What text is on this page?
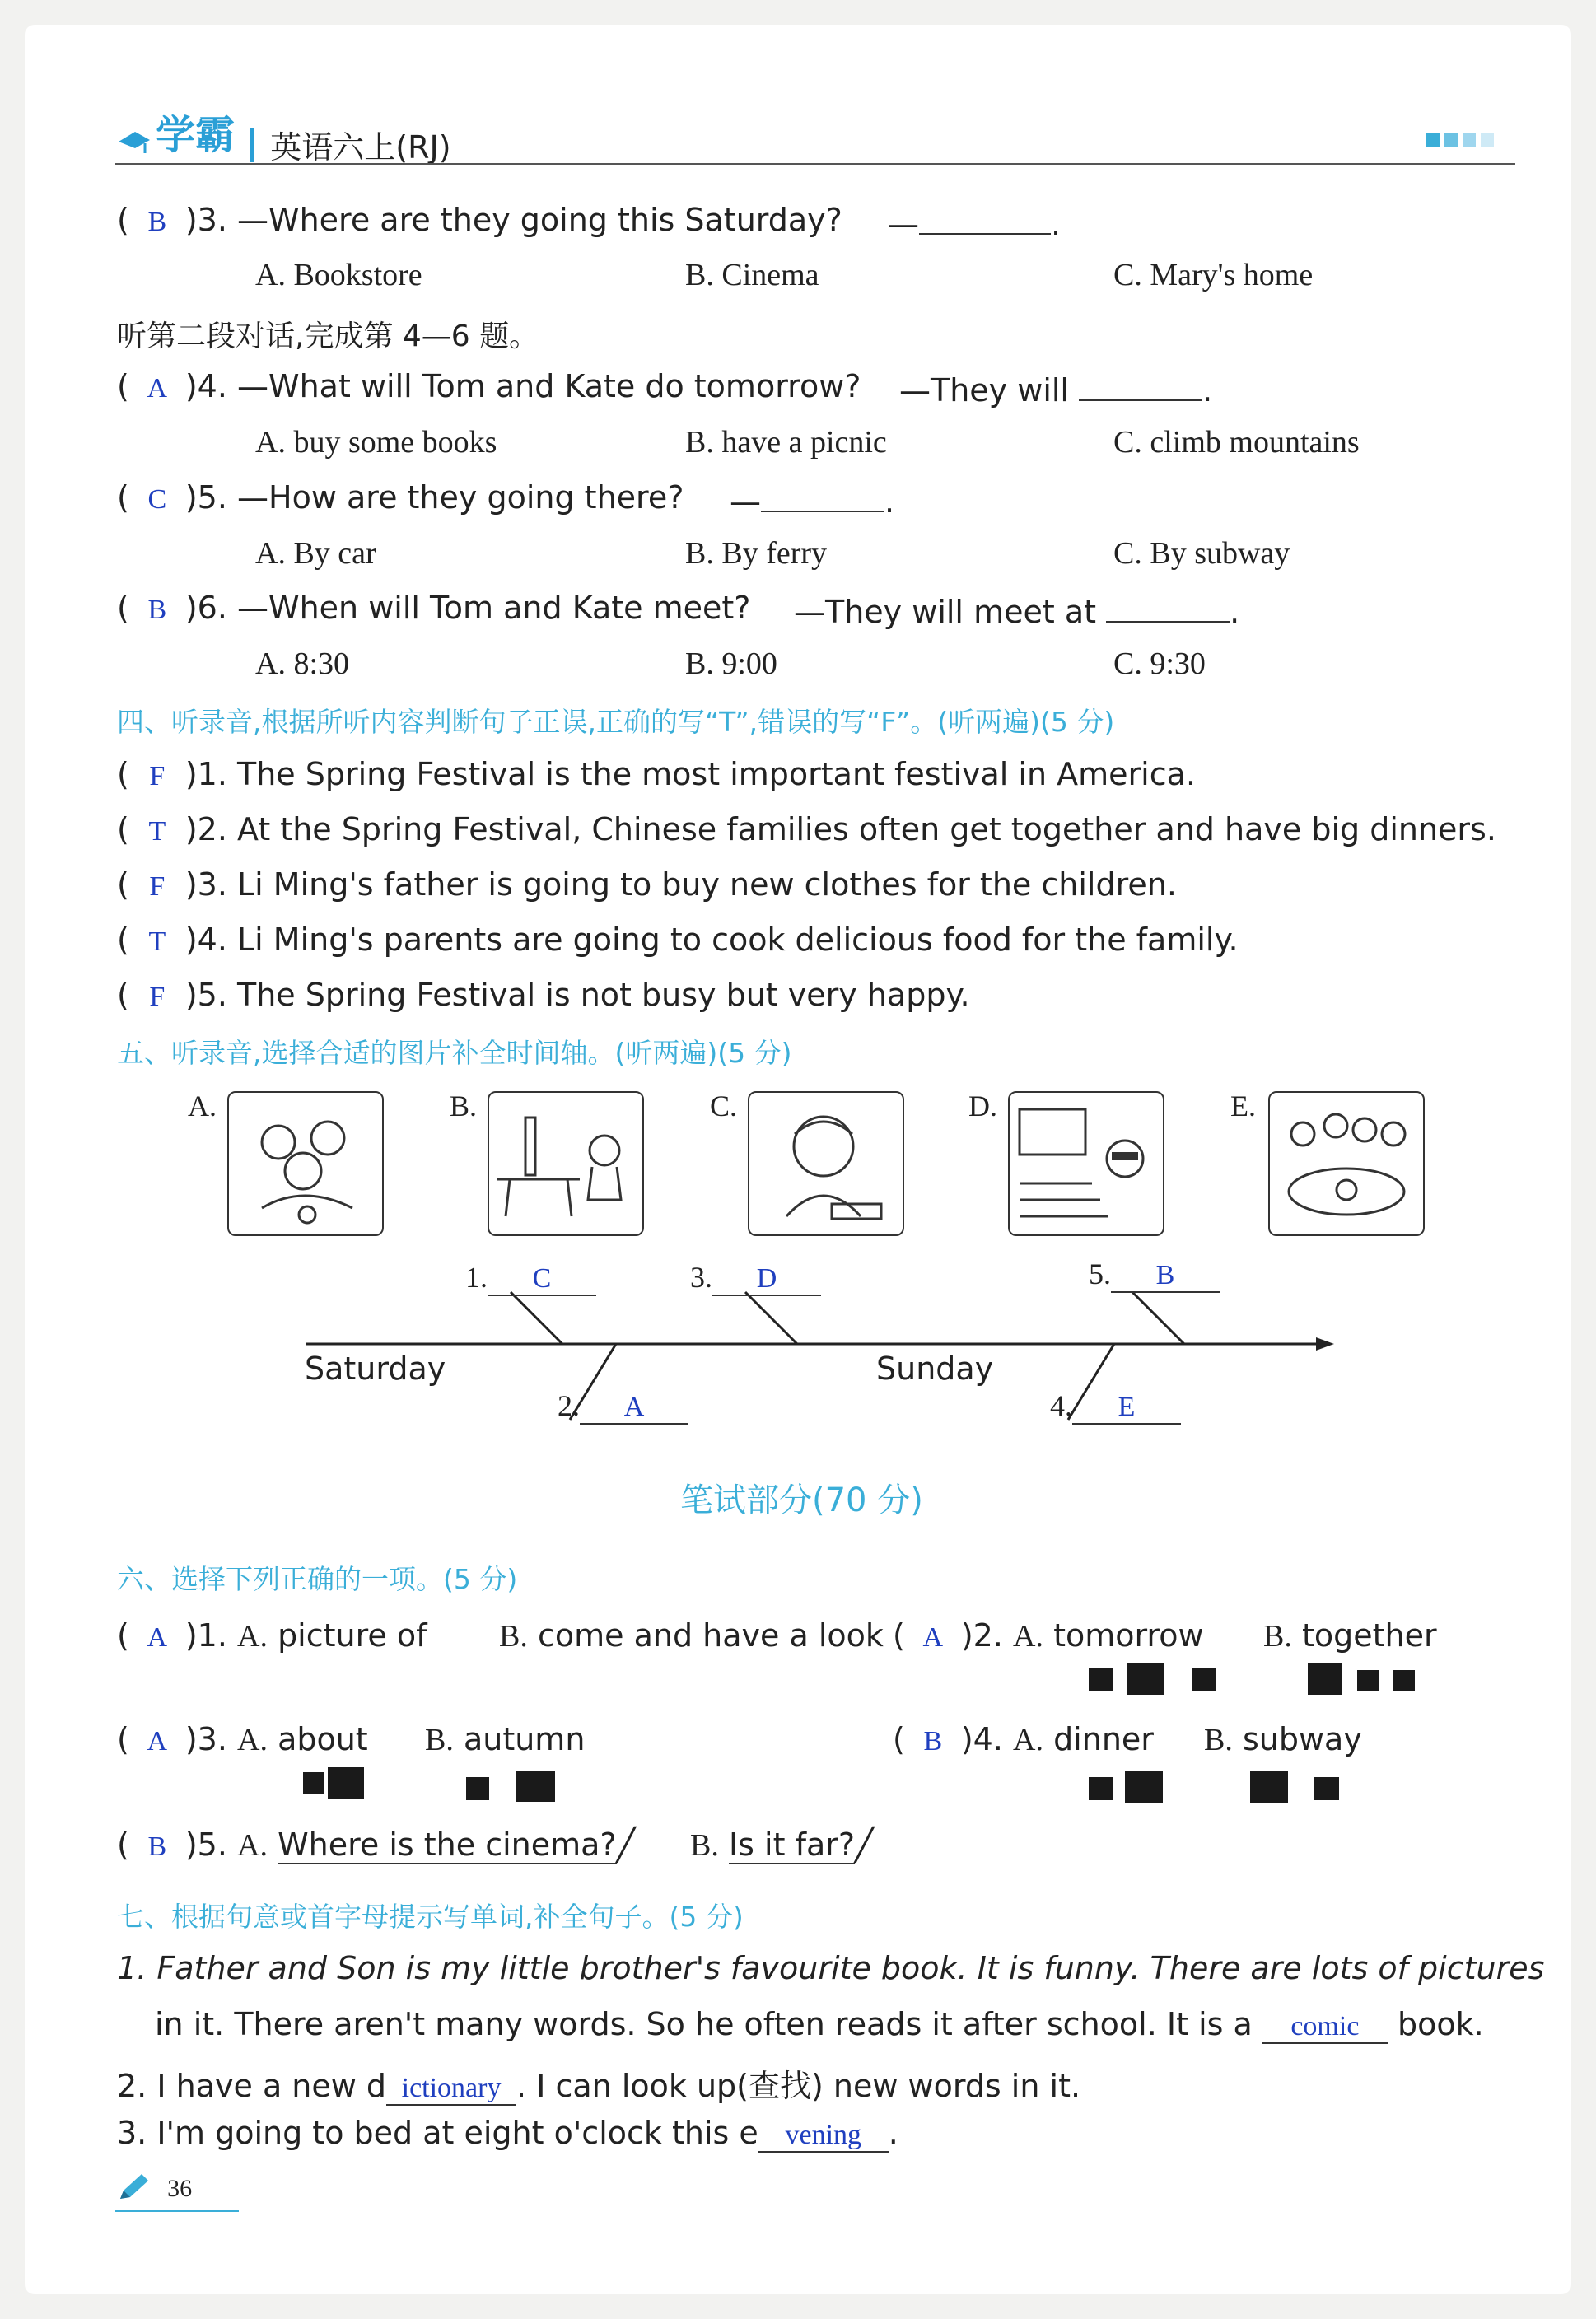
学霸 英语六上(RJ)
( B )3. —Where are they going this Saturday? —	.
A. Bookstore	B. Cinema	C. Mary's home
听第二段对话,完成第 4—6 题。
( A )4. —What will Tom and Kate do tomorrow? —They will	.
A. buy some books	B. have a picnic	C. climb mountains
( C )5. —How are they going there? —	.
A. By car	B. By ferry	C. By subway
( B )6. —When will Tom and Kate meet? —They will meet at	.
A. 8:30	B. 9:00	C. 9:30
四、听录音,根据所听内容判断句子正误,正确的写“T”,错误的写“F”。(听两遍)(5 分)
( F )1. The Spring Festival is the most important festival in America.
( T )2. At the Spring Festival, Chinese families often get together and have big dinners.
( F )3. Li Ming's father is going to buy new clothes for the children.
( T )4. Li Ming's parents are going to cook delicious food for the family.
( F )5. The Spring Festival is not busy but very happy.
五、听录音,选择合适的图片补全时间轴。(听两遍)(5 分)
A.	B.	C.	D.	E.
Saturday	Sunday
1. C
2. A
3. D
4. E
5. B
笔试部分(70 分)
六、选择下列正确的一项。(5 分)
( A )1. A. picture of B. come and have a look ( A )2. A. tomorrow B. together
( A )3. A. about B. autumn	( B )4. A. dinner B. subway
( B )5. A. Where is the cinema?╱ B. Is it far?╱
七、根据句意或首字母提示写单词,补全句子。(5 分)
1. Father and Son is my little brother's favourite book. It is funny. There are lots of pictures
in it. There aren't many words. So he often reads it after school. It is a comic book.
2. I have a new d ictionary . I can look up(查找) new words in it.
3. I'm going to bed at eight o'clock this e vening .
36
